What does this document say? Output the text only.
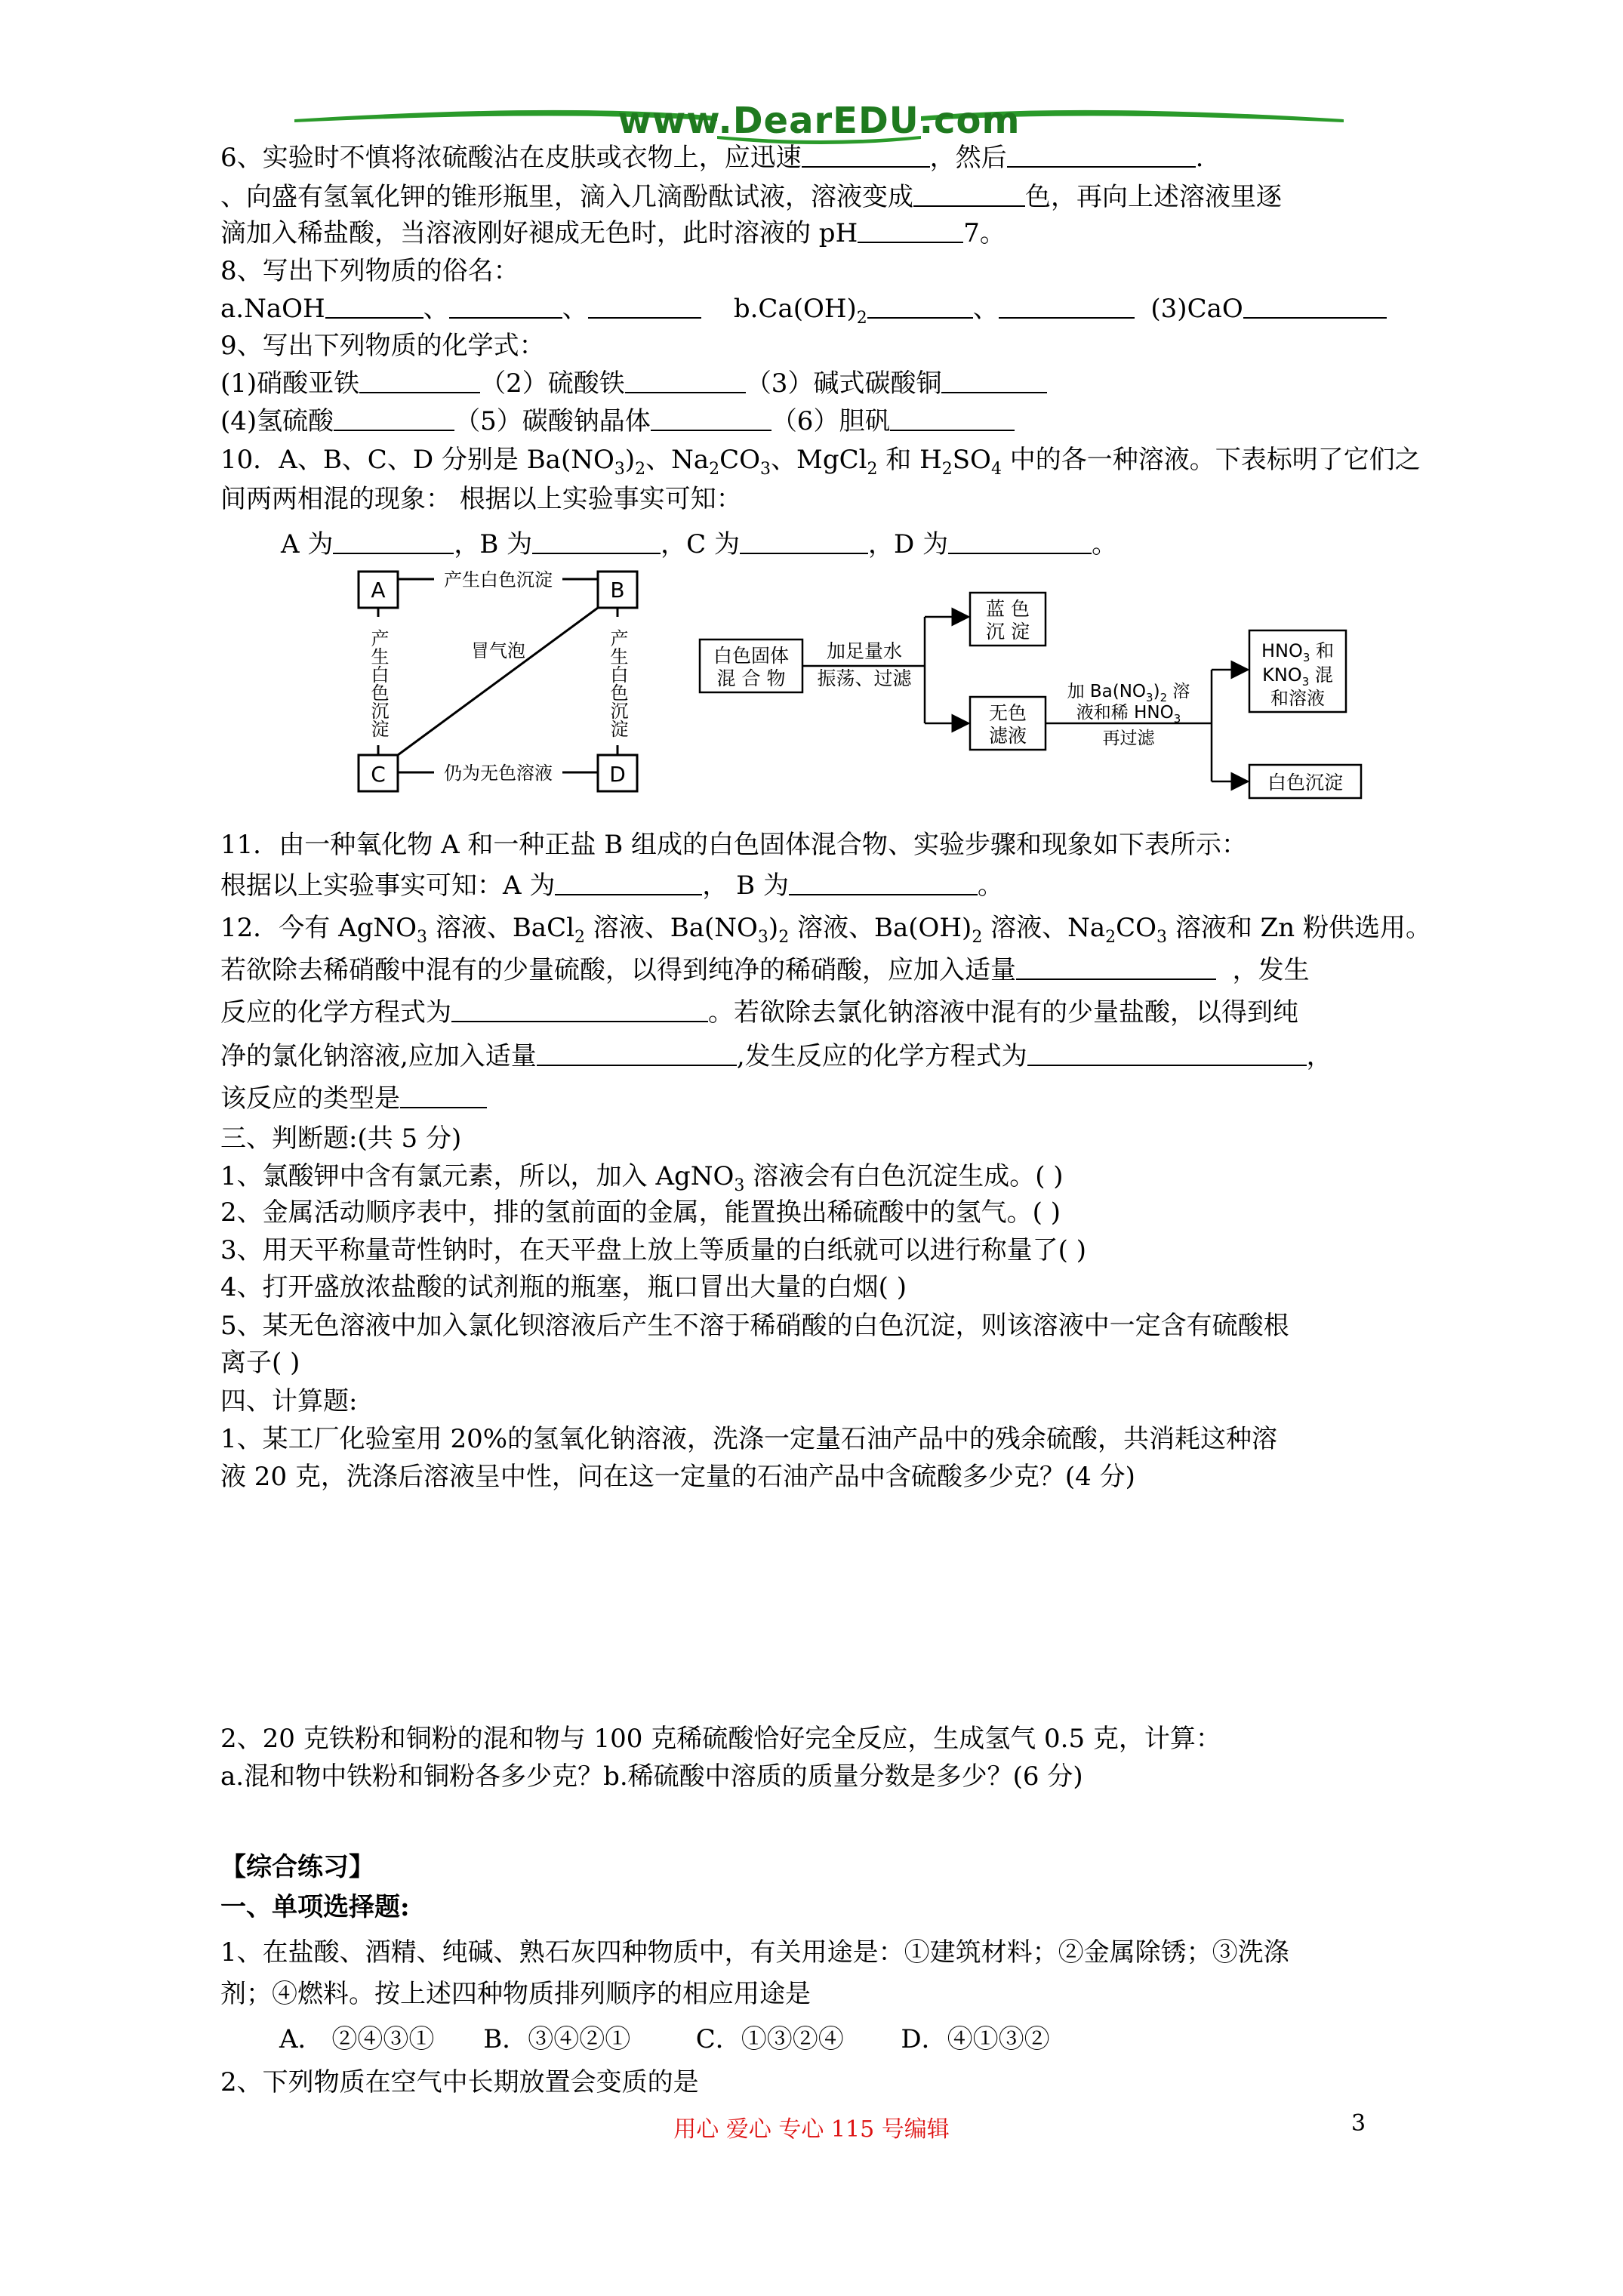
www.DearEDU.com
6、实验时不慎将浓硫酸沾在皮肤或衣物上，应迅速	，然后	.
、向盛有氢氧化钾的锥形瓶里，滴入几滴酚酞试液，溶液变成	色，再向上述溶液里逐
滴加入稀盐酸，当溶液刚好褪成无色时，此时溶液的 pH	7。
8、写出下列物质的俗名：
a.NaOH	、	、	$b.Ca(OH)_2$	、	(3)CaO
9、写出下列物质的化学式：
(1)硝酸亚铁	（2）硫酸铁	（3）碱式碳酸铜
(4)氢硫酸	（5）碳酸钠晶体	（6）胆矾
10．A、B、C、D 分别是 $Ba(NO_3)_2$、$Na_2CO_3$、MgCl$_2$ 和 $H_2SO_4$ 中的各一种溶液。下表标明了它们之
间两两相混的现象： 根据以上实验事实可知：
A 为	，B 为	，C 为	，D 为	。
A	B
C	D
产生白色沉淀
仍为无色溶液
冒气泡
产生白色沉淀	产生白色沉淀	白色固体
混 合 物
加足量水
振荡、过滤
蓝 色
沉 淀
无色
滤液
加 $Ba(NO_3)_2$ 溶
液和稀 $HNO_3$
再过滤
$HNO_3$ 和
$KNO_3$ 混
和溶液
白色沉淀
11．由一种氧化物 A 和一种正盐 B 组成的白色固体混合物、实验步骤和现象如下表所示：
根据以上实验事实可知：A 为	， B 为	。
12．今有 AgNO$_3$ 溶液、BaCl$_2$ 溶液、$Ba(NO_3)_2$ 溶液、$Ba(OH)_2$ 溶液、$Na_2CO_3$ 溶液和 Zn 粉供选用。
若欲除去稀硝酸中混有的少量硫酸，以得到纯净的稀硝酸，应加入适量	，发生
反应的化学方程式为	。若欲除去氯化钠溶液中混有的少量盐酸，以得到纯
净的氯化钠溶液,应加入适量	,发生反应的化学方程式为	，
该反应的类型是
三、判断题:(共 5 分)
1、氯酸钾中含有氯元素，所以，加入 AgNO$_3$ 溶液会有白色沉淀生成。( )
2、金属活动顺序表中，排的氢前面的金属，能置换出稀硫酸中的氢气。( )
3、用天平称量苛性钠时，在天平盘上放上等质量的白纸就可以进行称量了( )
4、打开盛放浓盐酸的试剂瓶的瓶塞，瓶口冒出大量的白烟( )
5、某无色溶液中加入氯化钡溶液后产生不溶于稀硝酸的白色沉淀，则该溶液中一定含有硫酸根
离子( )
四、计算题:
1、某工厂化验室用 20%的氢氧化钠溶液，洗涤一定量石油产品中的残余硫酸，共消耗这种溶
液 20 克，洗涤后溶液呈中性，问在这一定量的石油产品中含硫酸多少克？(4 分)
2、20 克铁粉和铜粉的混和物与 100 克稀硫酸恰好完全反应，生成氢气 0.5 克，计算：
a.混和物中铁粉和铜粉各多少克？b.稀硫酸中溶质的质量分数是多少？(6 分)
【综合练习】
一、单项选择题:
1、在盐酸、酒精、纯碱、熟石灰四种物质中，有关用途是：①建筑材料；②金属除锈；③洗涤
剂；④燃料。按上述四种物质排列顺序的相应用途是
A． ②④③① B．③④②①	C．①③②④ D．④①③②
2、下列物质在空气中长期放置会变质的是
用心 爱心 专心 115 号编辑	3
